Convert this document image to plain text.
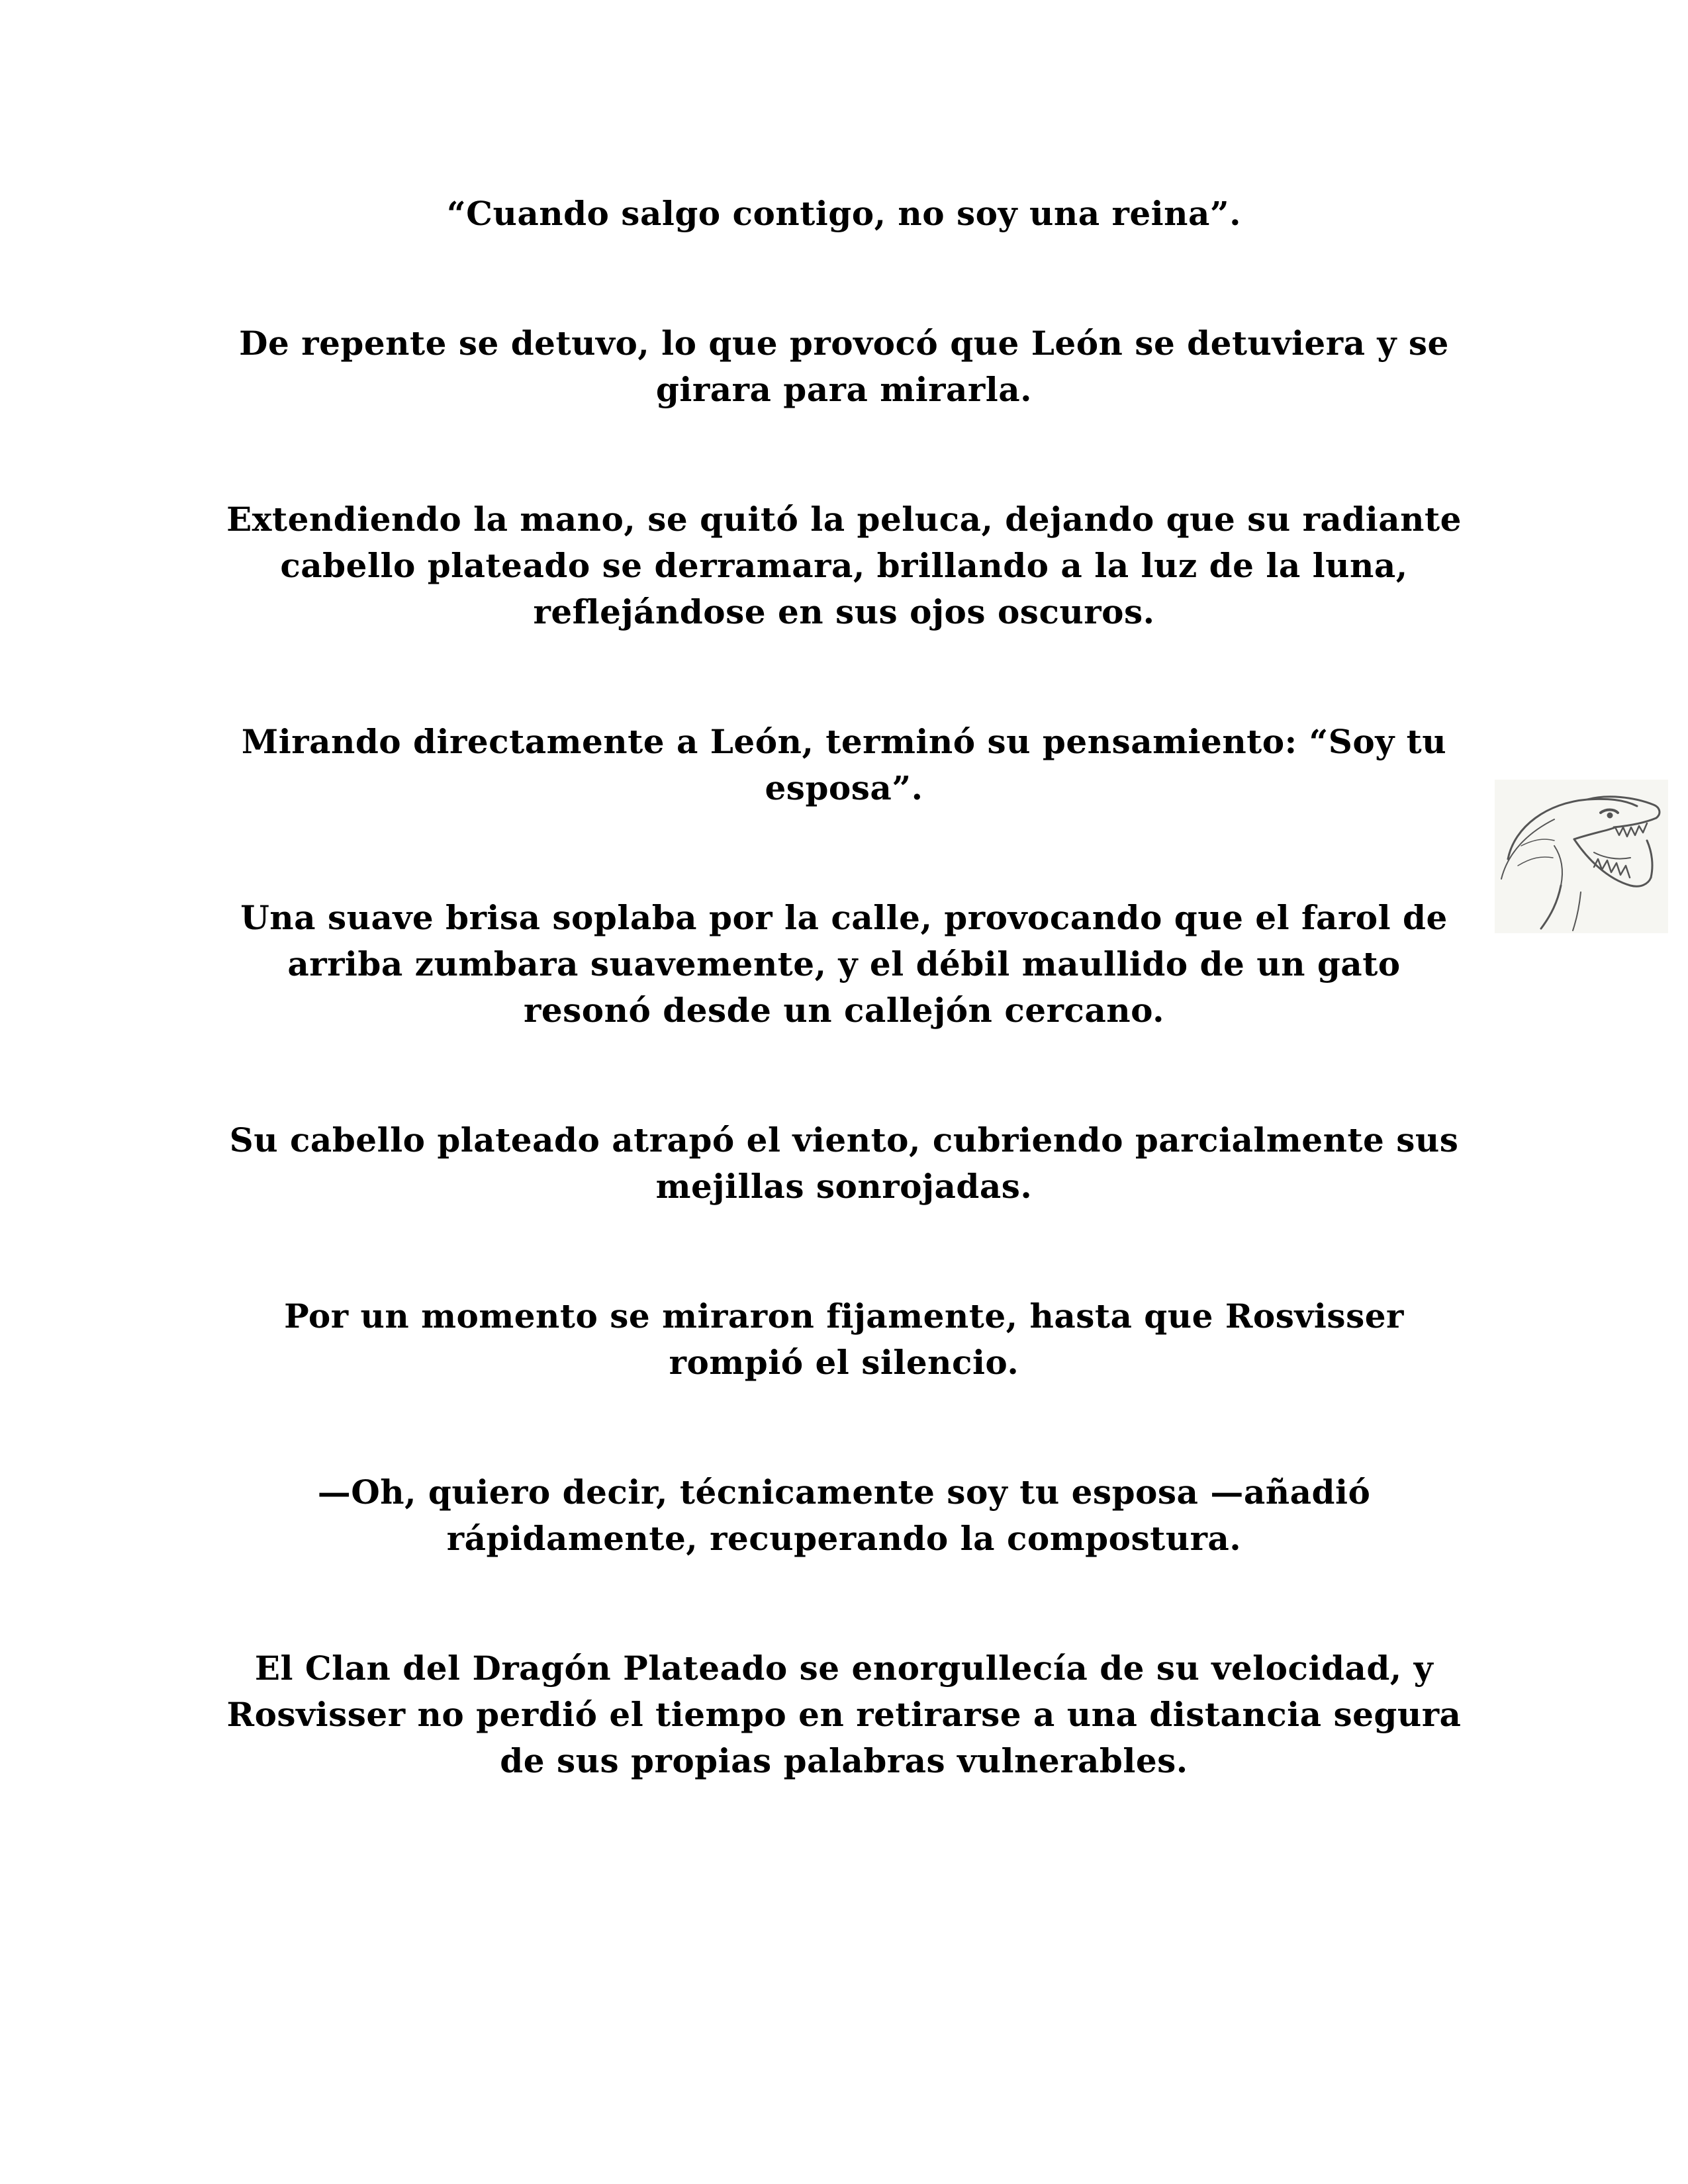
“Cuando salgo contigo, no soy una reina”.

De repente se detuvo, lo que provocó que León se detuviera y se girara para mirarla.

Extendiendo la mano, se quitó la peluca, dejando que su radiante cabello plateado se derramara, brillando a la luz de la luna, reflejándose en sus ojos oscuros.

Mirando directamente a León, terminó su pensamiento: “Soy tu esposa”.

Una suave brisa soplaba por la calle, provocando que el farol de arriba zumbara suavemente, y el débil maullido de un gato resonó desde un callejón cercano.

Su cabello plateado atrapó el viento, cubriendo parcialmente sus mejillas sonrojadas.

Por un momento se miraron fijamente, hasta que Rosvisser rompió el silencio.

—Oh, quiero decir, técnicamente soy tu esposa —añadió rápidamente, recuperando la compostura.

El Clan del Dragón Plateado se enorgullecía de su velocidad, y Rosvisser no perdió el tiempo en retirarse a una distancia segura de sus propias palabras vulnerables.
